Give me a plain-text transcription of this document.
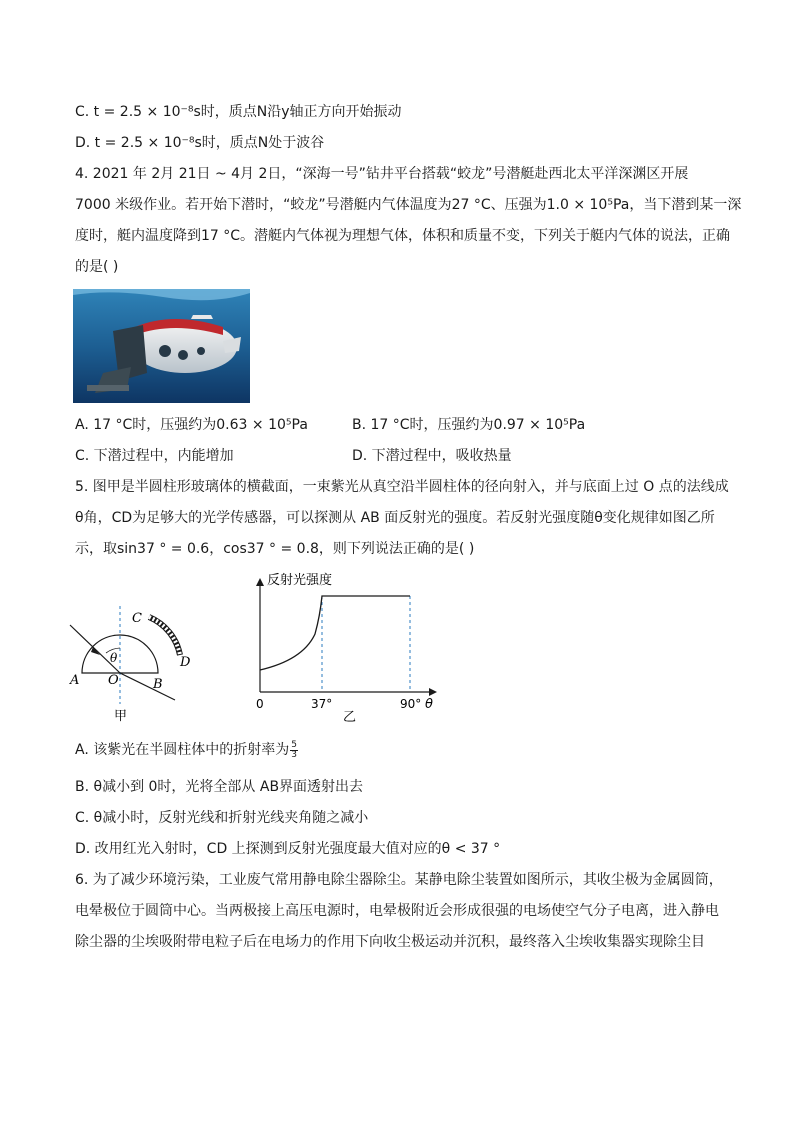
C. t = 2.5 × 10⁻⁸s时，质点N沿y轴正方向开始振动
D. t = 2.5 × 10⁻⁸s时，质点N处于波谷
4. 2021 年 2月 21日 ~ 4月 2日，“深海一号”钻井平台搭载“蛟龙”号潜艇赴西北太平洋深渊区开展
7000 米级作业。若开始下潜时，“蛟龙”号潜艇内气体温度为27 °C、压强为1.0 × 10⁵Pa，当下潜到某一深
度时，艇内温度降到17 °C。潜艇内气体视为理想气体，体积和质量不变，下列关于艇内气体的说法，正确
的是( )
A. 17 °C时，压强约为0.63 × 10⁵Pa	B. 17 °C时，压强约为0.97 × 10⁵Pa
C. 下潜过程中，内能增加	D. 下潜过程中，吸收热量
5. 图甲是半圆柱形玻璃体的横截面，一束紫光从真空沿半圆柱体的径向射入，并与底面上过 O 点的法线成
θ角，CD为足够大的光学传感器，可以探测从 AB 面反射光的强度。若反射光强度随θ变化规律如图乙所
示，取sin37 ° = 0.6，cos37 ° = 0.8，则下列说法正确的是( )
A O	B
C
D
θ
甲
反射光强度
0	37°	90° θ
乙
A. 该紫光在半圆柱体中的折射率为 $\frac{5}{3}$
B. θ减小到 0时，光将全部从 AB界面透射出去
C. θ减小时，反射光线和折射光线夹角随之减小
D. 改用红光入射时，CD 上探测到反射光强度最大值对应的θ < 37 °
6. 为了减少环境污染，工业废气常用静电除尘器除尘。某静电除尘装置如图所示，其收尘极为金属圆筒，
电晕极位于圆筒中心。当两极接上高压电源时，电晕极附近会形成很强的电场使空气分子电离，进入静电
除尘器的尘埃吸附带电粒子后在电场力的作用下向收尘极运动并沉积，最终落入尘埃收集器实现除尘目
